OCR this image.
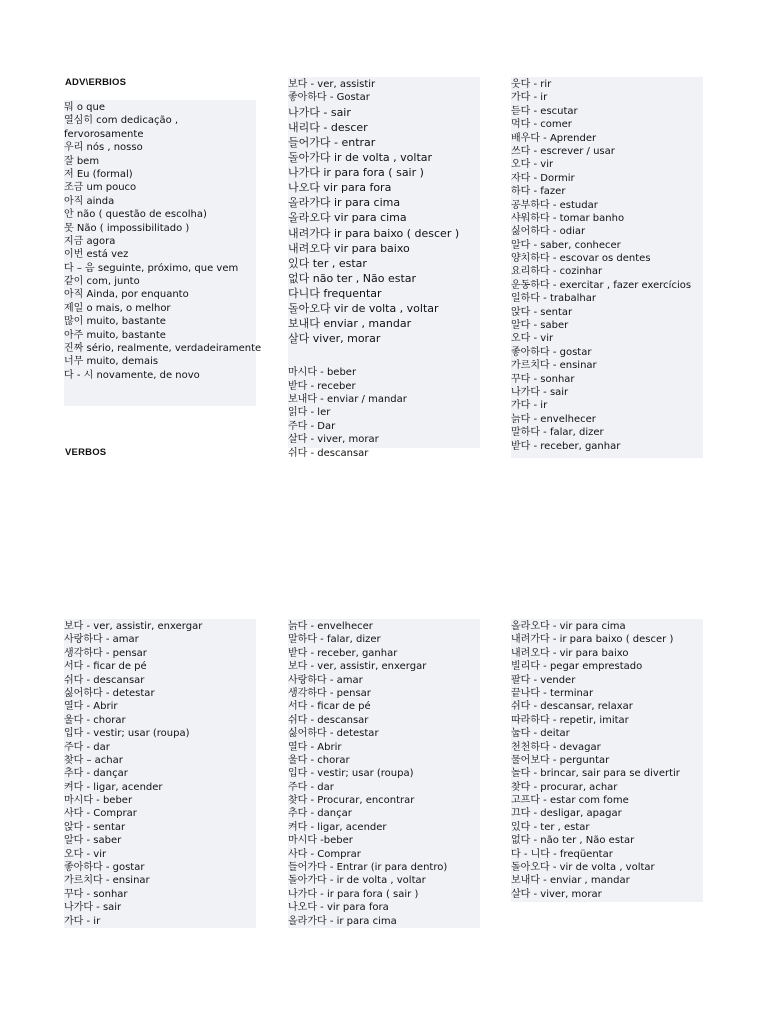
ADV\ERBIOS
VERBOS
뭐 o que
열심히 com dedicação ,
fervorosamente
우리 nós , nosso
잘 bem
저 Eu (formal)
조금 um pouco
아직 ainda
안 não ( questão de escolha)
못 Não ( impossibilitado )
지금 agora
이번 está vez
다 – 음 seguinte, próximo, que vem
같이 com, junto
아직 Ainda, por enquanto
제일 o mais, o melhor
많이 muito, bastante
아주 muito, bastante
진짜 sério, realmente, verdadeiramente
너무 muito, demais
다 - 시 novamente, de novo
보다 - ver, assistir
좋아하다 - Gostar
나가다 - sair
내리다 - descer
들어가다 - entrar
돌아가다 ir de volta , voltar
나가다 ir para fora ( sair )
나오다 vir para fora
올라가다 ir para cima
올라오다 vir para cima
내려가다 ir para baixo ( descer )
내려오다 vir para baixo
있다 ter , estar
없다 não ter , Não estar
다니다 frequentar
돌아오다 vir de volta , voltar
보내다 enviar , mandar
살다 viver, morar
마시다 - beber
받다 - receber
보내다 - enviar / mandar
읽다 - ler
주다 - Dar
살다 - viver, morar
쉬다 - descansar
웃다 - rir
가다 - ir
듣다 - escutar
먹다 - comer
배우다 - Aprender
쓰다 - escrever / usar
오다 - vir
자다 - Dormir
하다 - fazer
공부하다 - estudar
샤워하다 - tomar banho
싫어하다 - odiar
알다 - saber, conhecer
양치하다 - escovar os dentes
요리하다 - cozinhar
운동하다 - exercitar , fazer exercícios
일하다 - trabalhar
앉다 - sentar
알다 - saber
오다 - vir
좋아하다 - gostar
가르치다 - ensinar
꾸다 - sonhar
나가다 - sair
가다 - ir
늙다 - envelhecer
말하다 - falar, dizer
받다 - receber, ganhar
보다 - ver, assistir, enxergar
사랑하다 - amar
생각하다 - pensar
서다 - ficar de pé
쉬다 - descansar
싫어하다 - detestar
열다 - Abrir
울다 - chorar
입다 - vestir; usar (roupa)
주다 - dar
찾다 – achar
추다 - dançar
켜다 - ligar, acender
마시다 - beber
사다 - Comprar
앉다 - sentar
알다 - saber
오다 - vir
좋아하다 - gostar
가르치다 - ensinar
꾸다 - sonhar
나가다 - sair
가다 - ir
늙다 - envelhecer
말하다 - falar, dizer
받다 - receber, ganhar
보다 - ver, assistir, enxergar
사랑하다 - amar
생각하다 - pensar
서다 - ficar de pé
쉬다 - descansar
싫어하다 - detestar
열다 - Abrir
울다 - chorar
입다 - vestir; usar (roupa)
주다 - dar
찾다 - Procurar, encontrar
추다 - dançar
켜다 - ligar, acender
마시다 -beber
사다 - Comprar
들어가다 - Entrar (ir para dentro)
돌아가다 - ir de volta , voltar
나가다 - ir para fora ( sair )
나오다 - vir para fora
올라가다 - ir para cima
올라오다 - vir para cima
내려가다 - ir para baixo ( descer )
내려오다 - vir para baixo
빌리다 - pegar emprestado
팔다 - vender
끝나다 - terminar
쉬다 - descansar, relaxar
따라하다 - repetir, imitar
눕다 - deitar
천천하다 - devagar
물어보다 - perguntar
놀다 - brincar, sair para se divertir
찾다 - procurar, achar
고프다 - estar com fome
끄다 - desligar, apagar
있다 - ter , estar
없다 - não ter , Não estar
다 - 니다 - freqüentar
돌아오다 - vir de volta , voltar
보내다 - enviar , mandar
살다 - viver, morar
